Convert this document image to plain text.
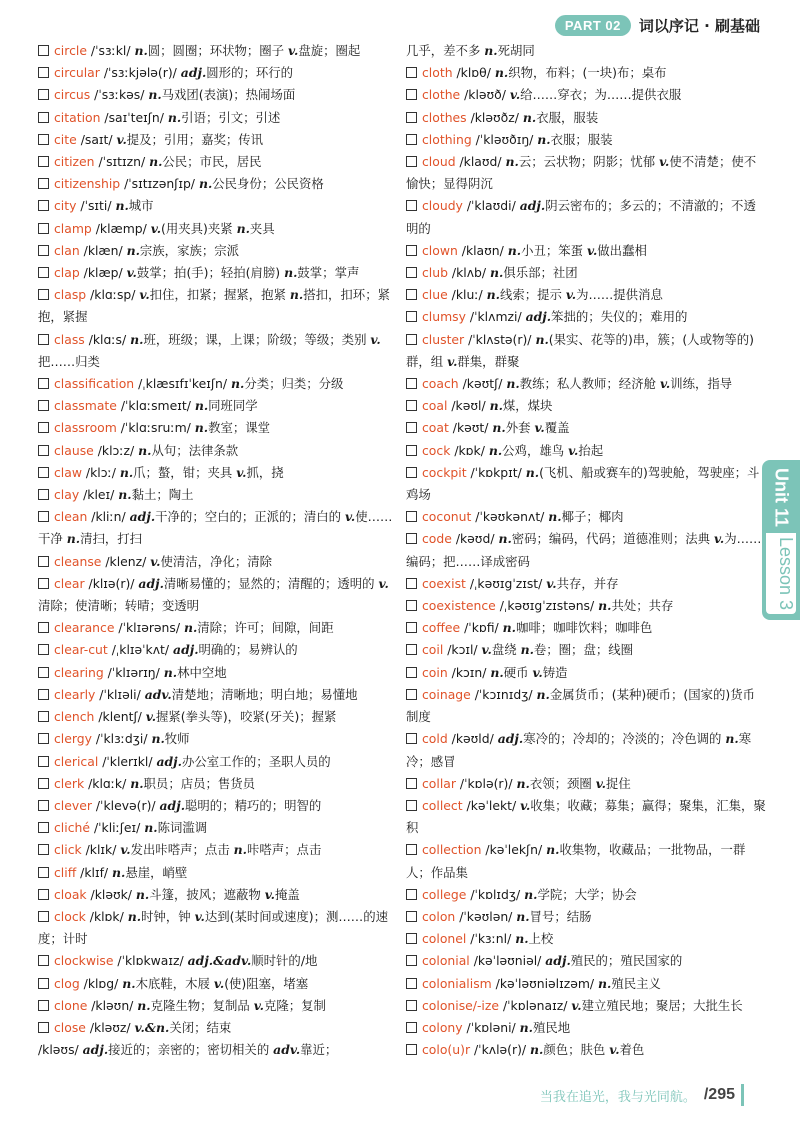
PART 02	词以序记 · 刷基础
circle /ˈsɜːkl/ n.圆；圆圈；环状物；圈子 v.盘旋；圈起
circular /ˈsɜːkjələ(r)/ adj.圆形的；环行的
circus /ˈsɜːkəs/ n.马戏团(表演)；热闹场面
citation /saɪˈteɪʃn/ n.引语；引文；引述
cite /saɪt/ v.提及；引用；嘉奖；传讯
citizen /ˈsɪtɪzn/ n.公民；市民，居民
citizenship /ˈsɪtɪzənʃɪp/ n.公民身份；公民资格
city /ˈsɪti/ n.城市
clamp /klæmp/ v.(用夹具)夹紧 n.夹具
clan /klæn/ n.宗族，家族；宗派
clap /klæp/ v.鼓掌；拍(手)；轻拍(肩膀) n.鼓掌；掌声
clasp /klɑːsp/ v.扣住，扣紧；握紧，抱紧 n.搭扣，扣环；紧抱，紧握
class /klɑːs/ n.班，班级；课，上课；阶级；等级；类别 v.把……归类
classification /ˌklæsɪfɪˈkeɪʃn/ n.分类；归类；分级
classmate /ˈklɑːsmeɪt/ n.同班同学
classroom /ˈklɑːsruːm/ n.教室；课堂
clause /klɔːz/ n.从句；法律条款
claw /klɔː/ n.爪；螯，钳；夹具 v.抓，挠
clay /kleɪ/ n.黏土；陶土
clean /kliːn/ adj.干净的；空白的；正派的；清白的 v.使……干净 n.清扫，打扫
cleanse /klenz/ v.使清洁，净化；清除
clear /klɪə(r)/ adj.清晰易懂的；显然的；清醒的；透明的 v.清除；使清晰；转晴；变透明
clearance /ˈklɪərəns/ n.清除；许可；间隙，间距
clear-cut /ˌklɪəˈkʌt/ adj.明确的；易辨认的
clearing /ˈklɪərɪŋ/ n.林中空地
clearly /ˈklɪəli/ adv.清楚地；清晰地；明白地；易懂地
clench /klentʃ/ v.握紧(拳头等)，咬紧(牙关)；握紧
clergy /ˈklɜːdʒi/ n.牧师
clerical /ˈklerɪkl/ adj.办公室工作的；圣职人员的
clerk /klɑːk/ n.职员；店员；售货员
clever /ˈklevə(r)/ adj.聪明的；精巧的；明智的
cliché /ˈkliːʃeɪ/ n.陈词滥调
click /klɪk/ v.发出咔嗒声；点击 n.咔嗒声；点击
cliff /klɪf/ n.悬崖，峭壁
cloak /kləʊk/ n.斗篷，披风；遮蔽物 v.掩盖
clock /klɒk/ n.时钟，钟 v.达到(某时间或速度)；测……的速度；计时
clockwise /ˈklɒkwaɪz/ adj.&adv.顺时针的/地
clog /klɒg/ n.木底鞋，木屐 v.(使)阻塞，堵塞
clone /kləʊn/ n.克隆生物；复制品 v.克隆；复制
close /kləʊz/ v.&n.关闭；结束
/kləʊs/ adj.接近的；亲密的；密切相关的 adv.靠近；
几乎，差不多 n.死胡同
cloth /klɒθ/ n.织物，布料；(一块)布；桌布
clothe /kləʊð/ v.给……穿衣；为……提供衣服
clothes /kləʊðz/ n.衣服，服装
clothing /ˈkləʊðɪŋ/ n.衣服；服装
cloud /klaʊd/ n.云；云状物；阴影；忧郁 v.使不清楚；使不愉快；显得阴沉
cloudy /ˈklaʊdi/ adj.阴云密布的；多云的；不清澈的；不透明的
clown /klaʊn/ n.小丑；笨蛋 v.做出蠢相
club /klʌb/ n.俱乐部；社团
clue /kluː/ n.线索；提示 v.为……提供消息
clumsy /ˈklʌmzi/ adj.笨拙的；失仪的；难用的
cluster /ˈklʌstə(r)/ n.(果实、花等的)串，簇；(人或物等的)群，组 v.群集，群聚
coach /kəʊtʃ/ n.教练；私人教师；经济舱 v.训练，指导
coal /kəʊl/ n.煤，煤块
coat /kəʊt/ n.外套 v.覆盖
cock /kɒk/ n.公鸡，雄鸟 v.抬起
cockpit /ˈkɒkpɪt/ n.(飞机、船或赛车的)驾驶舱，驾驶座；斗鸡场
coconut /ˈkəʊkənʌt/ n.椰子；椰肉
code /kəʊd/ n.密码；编码，代码；道德准则；法典 v.为……编码；把……译成密码
coexist /ˌkəʊɪgˈzɪst/ v.共存，并存
coexistence /ˌkəʊɪgˈzɪstəns/ n.共处；共存
coffee /ˈkɒfi/ n.咖啡；咖啡饮料；咖啡色
coil /kɔɪl/ v.盘绕 n.卷；圈；盘；线圈
coin /kɔɪn/ n.硬币 v.铸造
coinage /ˈkɔɪnɪdʒ/ n.金属货币；(某种)硬币；(国家的)货币制度
cold /kəʊld/ adj.寒冷的；冷却的；冷淡的；冷色调的 n.寒冷；感冒
collar /ˈkɒlə(r)/ n.衣领；颈圈 v.捉住
collect /kəˈlekt/ v.收集；收藏；募集；赢得；聚集，汇集，聚积
collection /kəˈlekʃn/ n.收集物，收藏品；一批物品，一群人；作品集
college /ˈkɒlɪdʒ/ n.学院；大学；协会
colon /ˈkəʊlən/ n.冒号；结肠
colonel /ˈkɜːnl/ n.上校
colonial /kəˈləʊniəl/ adj.殖民的；殖民国家的
colonialism /kəˈləʊniəlɪzəm/ n.殖民主义
colonise/-ize /ˈkɒlənaɪz/ v.建立殖民地；聚居；大批生长
colony /ˈkɒləni/ n.殖民地
colo(u)r /ˈkʌlə(r)/ n.颜色；肤色 v.着色
Unit 11
Lesson 3
当我在追光，我与光同航。 /295
